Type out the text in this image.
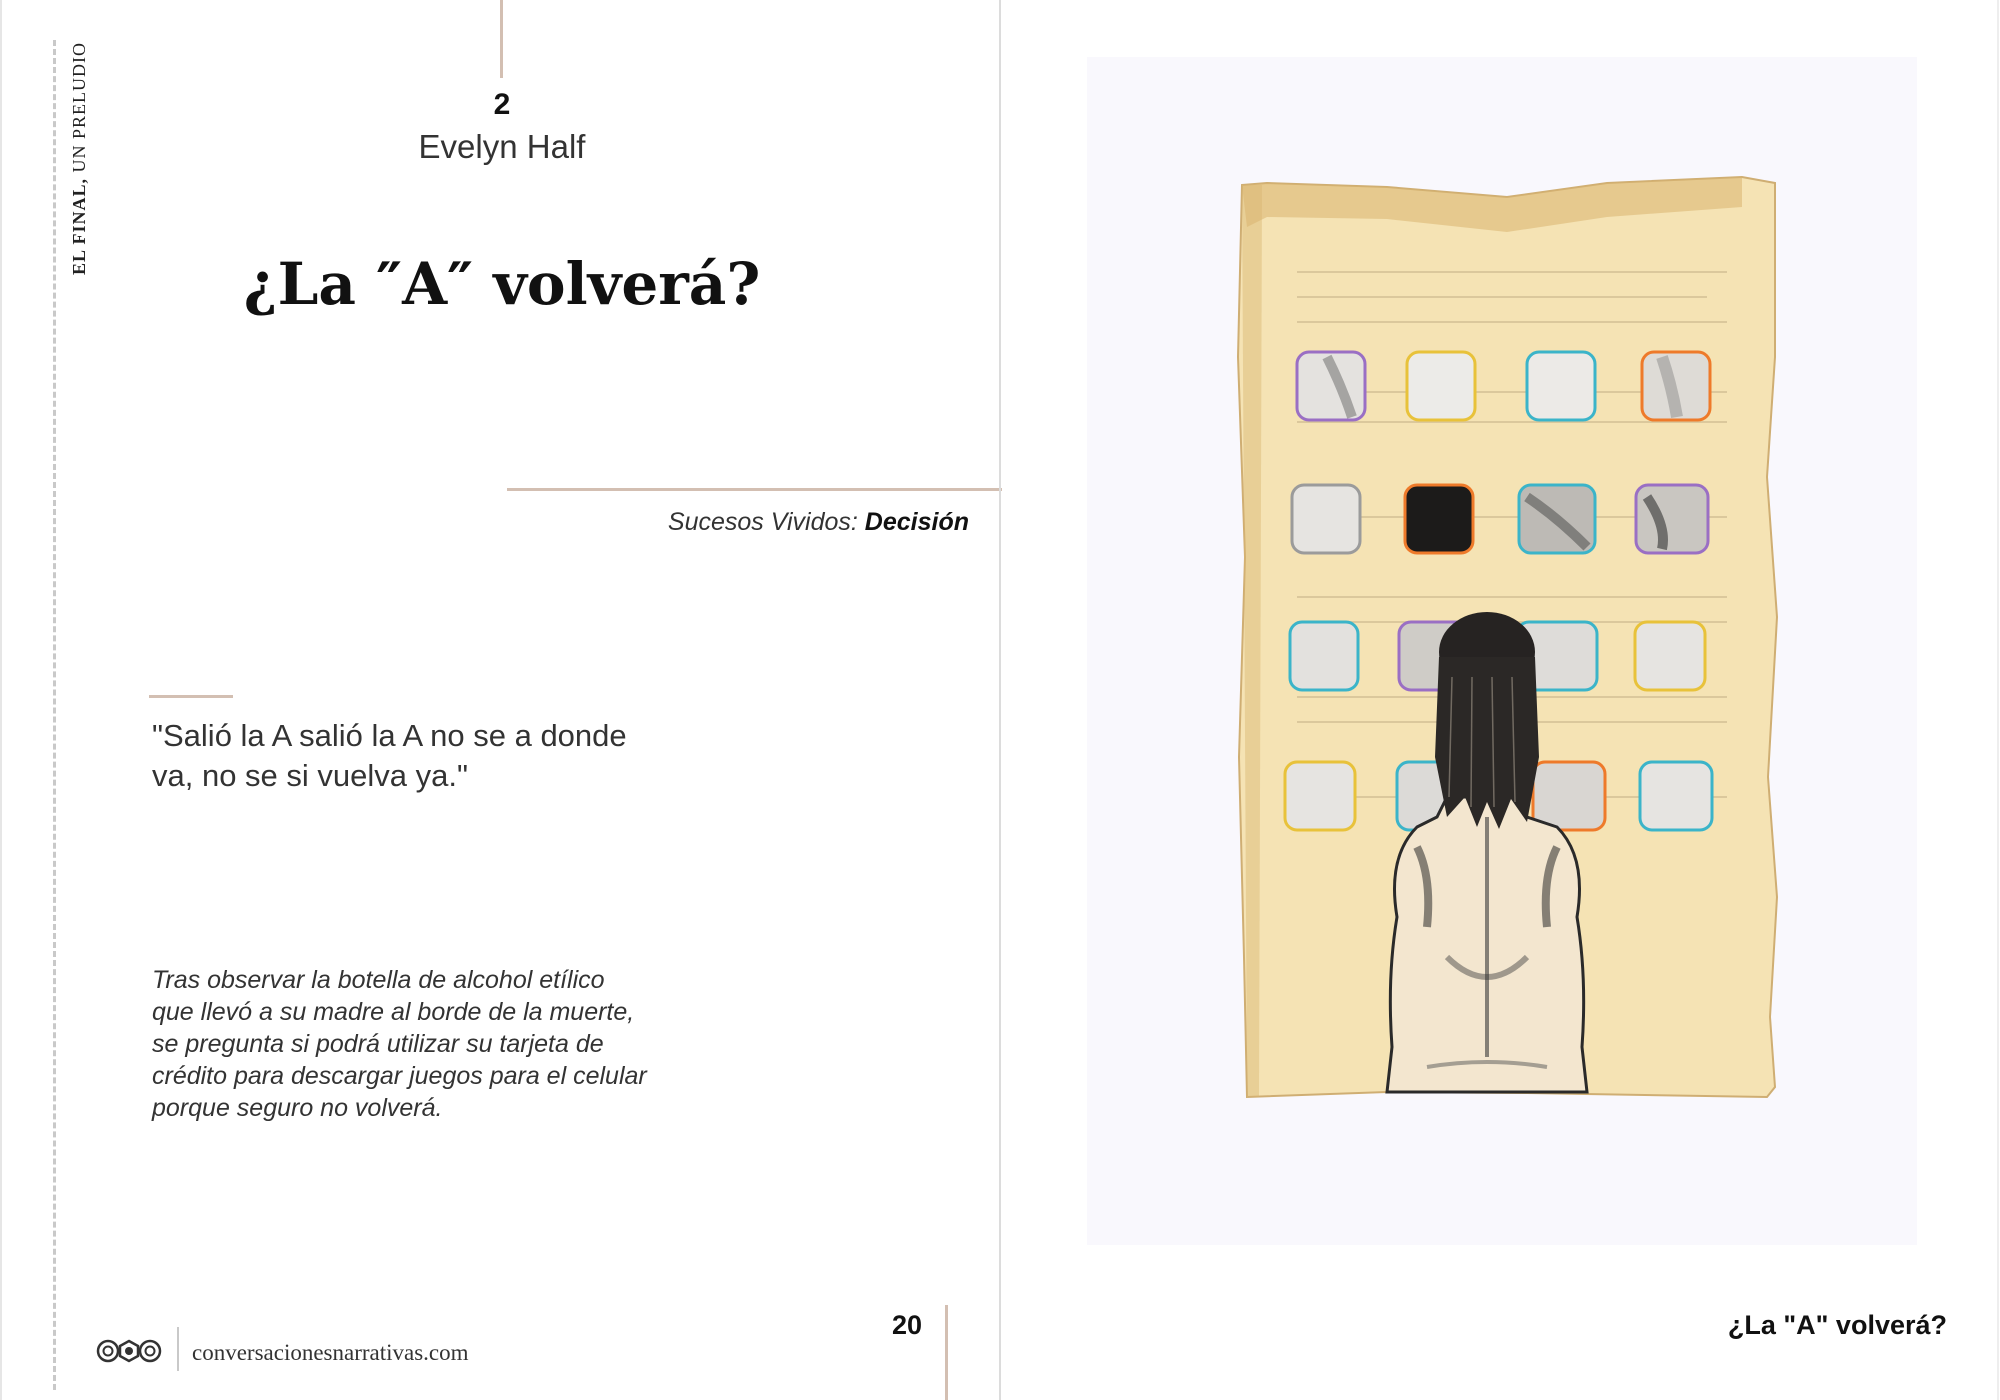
EL FINAL, UN PRELUDIO	2
Evelyn Half
¿La ″A″ volverá?
Sucesos Vividos: Decisión
"Salió la A salió la A no se a donde va, no se si vuelva ya."
Tras observar la botella de alcohol etílico que llevó a su madre al borde de la muerte, se pregunta si podrá utilizar su tarjeta de crédito para descargar juegos para el celular porque seguro no volverá.
20
conversacionesnarrativas.com
¿La "A" volverá?
